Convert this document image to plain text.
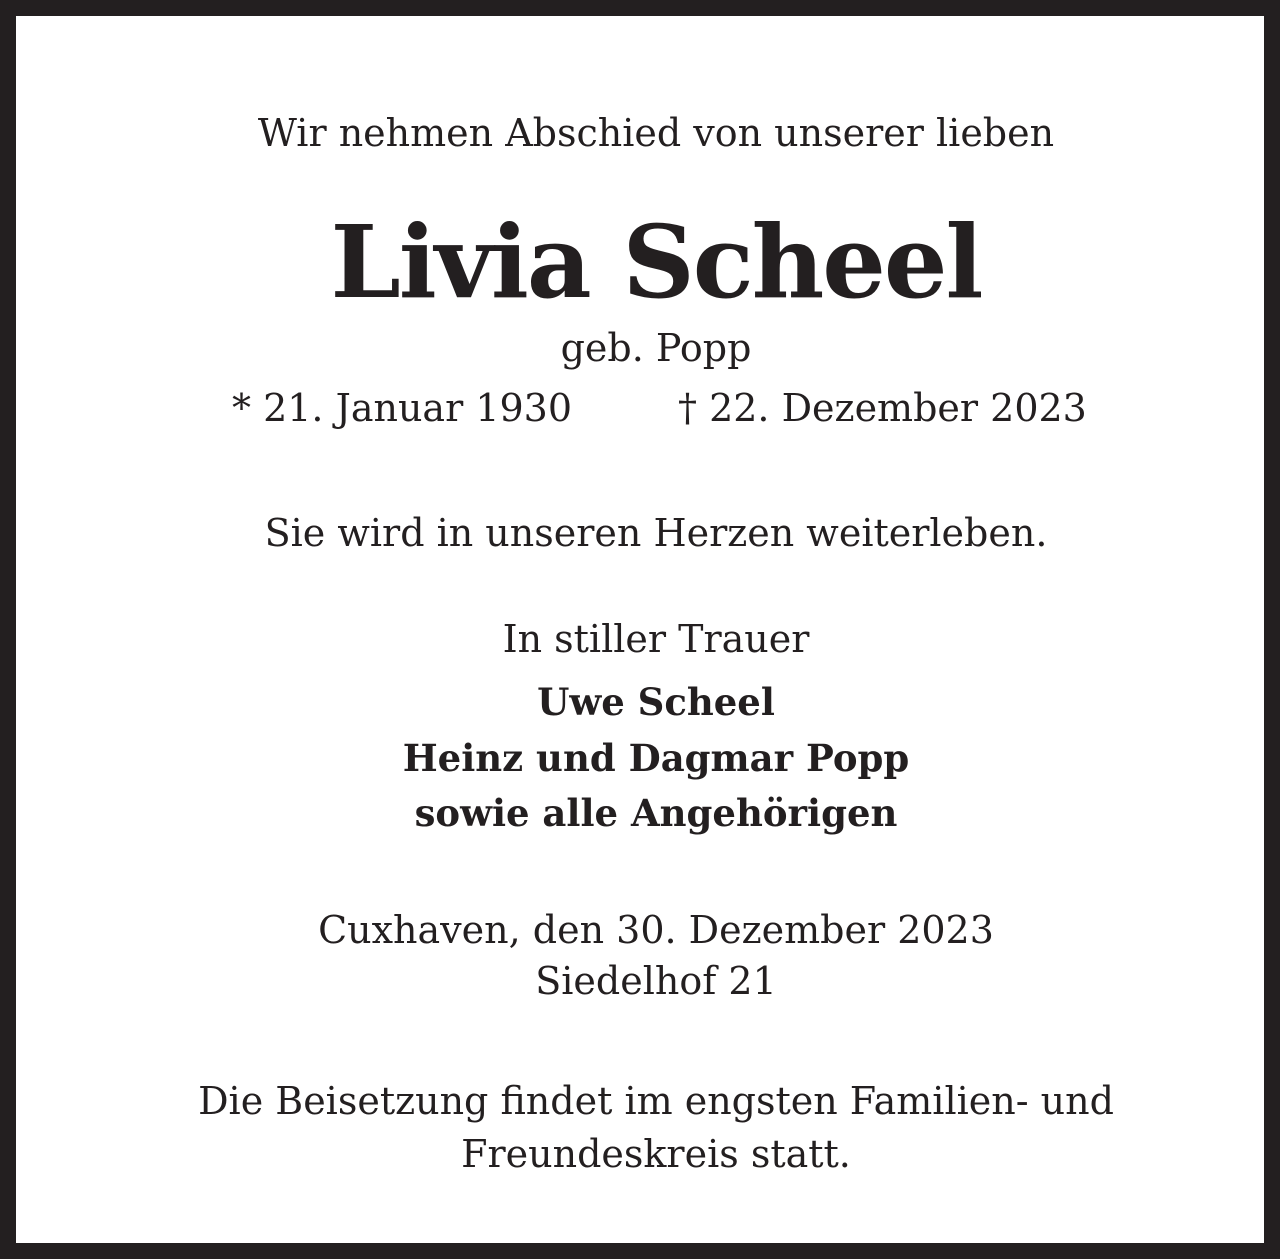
Wir nehmen Abschied von unserer lieben
Livia Scheel
geb. Popp
* 21. Januar 1930	† 22. Dezember 2023
Sie wird in unseren Herzen weiterleben.
In stiller Trauer
Uwe Scheel
Heinz und Dagmar Popp
sowie alle Angehörigen
Cuxhaven, den 30. Dezember 2023
Siedelhof 21
Die Beisetzung findet im engsten Familien- und
Freundeskreis statt.
